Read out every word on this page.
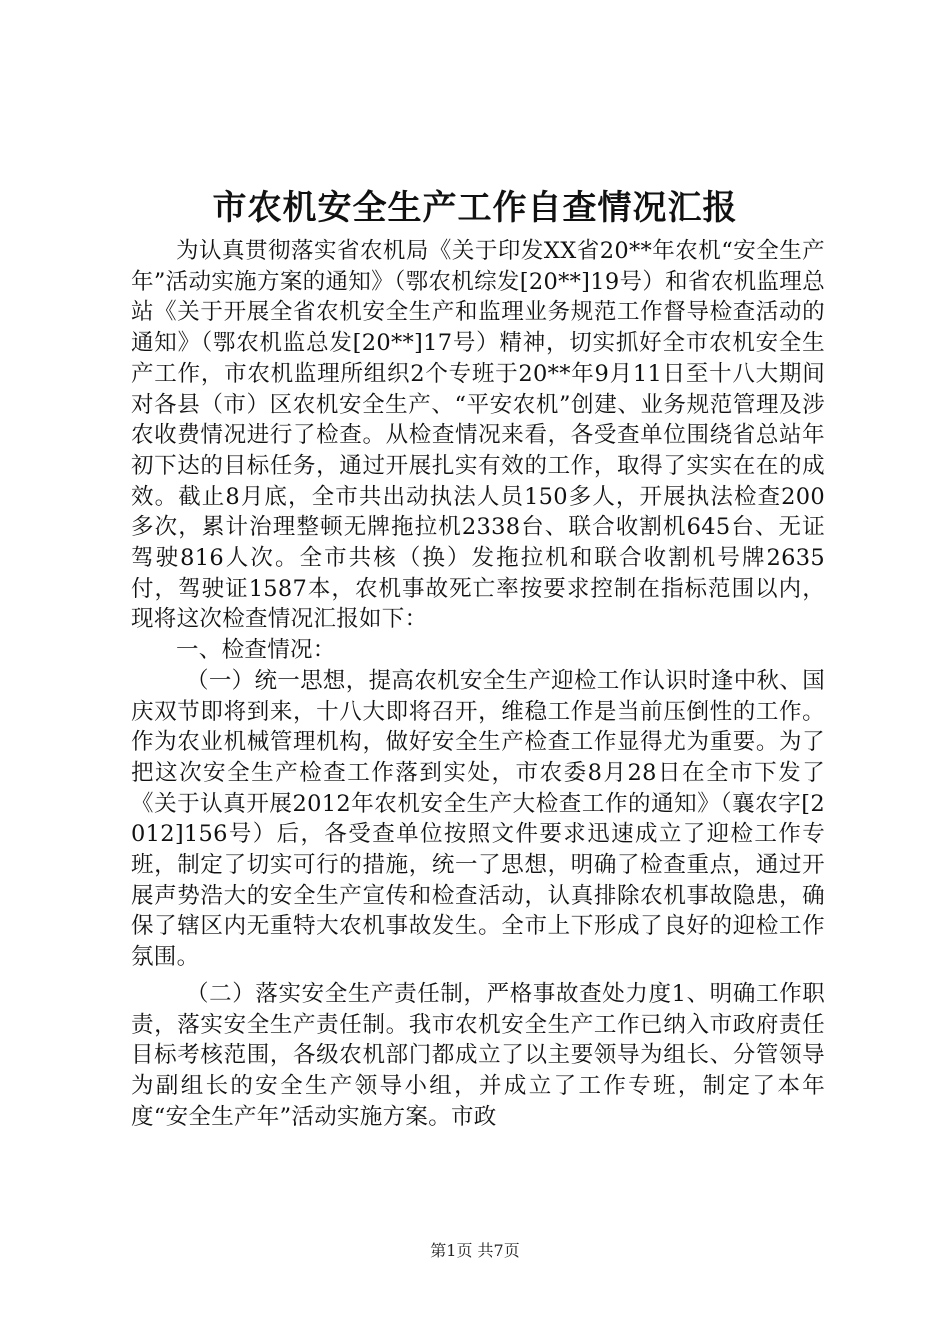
市农机安全生产工作自查情况汇报

为认真贯彻落实省农机局《关于印发XX省20**年农机“安全生产年”活动实施方案的通知》（鄂农机综发[20**]19号）和省农机监理总站《关于开展全省农机安全生产和监理业务规范工作督导检查活动的通知》（鄂农机监总发[20**]17号）精神，切实抓好全市农机安全生产工作，市农机监理所组织2个专班于20**年9月11日至十八大期间对各县（市）区农机安全生产、“平安农机”创建、业务规范管理及涉农收费情况进行了检查。从检查情况来看，各受查单位围绕省总站年初下达的目标任务，通过开展扎实有效的工作，取得了实实在在的成效。截止8月底，全市共出动执法人员150多人，开展执法检查200多次，累计治理整顿无牌拖拉机2338台、联合收割机645台、无证驾驶816人次。全市共核（换）发拖拉机和联合收割机号牌2635付，驾驶证1587本，农机事故死亡率按要求控制在指标范围以内，现将这次检查情况汇报如下：

一、检查情况：

（一）统一思想，提高农机安全生产迎检工作认识时逢中秋、国庆双节即将到来，十八大即将召开，维稳工作是当前压倒性的工作。作为农业机械管理机构，做好安全生产检查工作显得尤为重要。为了把这次安全生产检查工作落到实处，市农委8月28日在全市下发了《关于认真开展2012年农机安全生产大检查工作的通知》（襄农字[2012]156号）后，各受查单位按照文件要求迅速成立了迎检工作专班，制定了切实可行的措施，统一了思想，明确了检查重点，通过开展声势浩大的安全生产宣传和检查活动，认真排除农机事故隐患，确保了辖区内无重特大农机事故发生。全市上下形成了良好的迎检工作氛围。

（二）落实安全生产责任制，严格事故查处力度1、明确工作职责，落实安全生产责任制。我市农机安全生产工作已纳入市政府责任目标考核范围，各级农机部门都成立了以主要领导为组长、分管领导为副组长的安全生产领导小组，并成立了工作专班，制定了本年度“安全生产年”活动实施方案。市政

第1页 共7页
